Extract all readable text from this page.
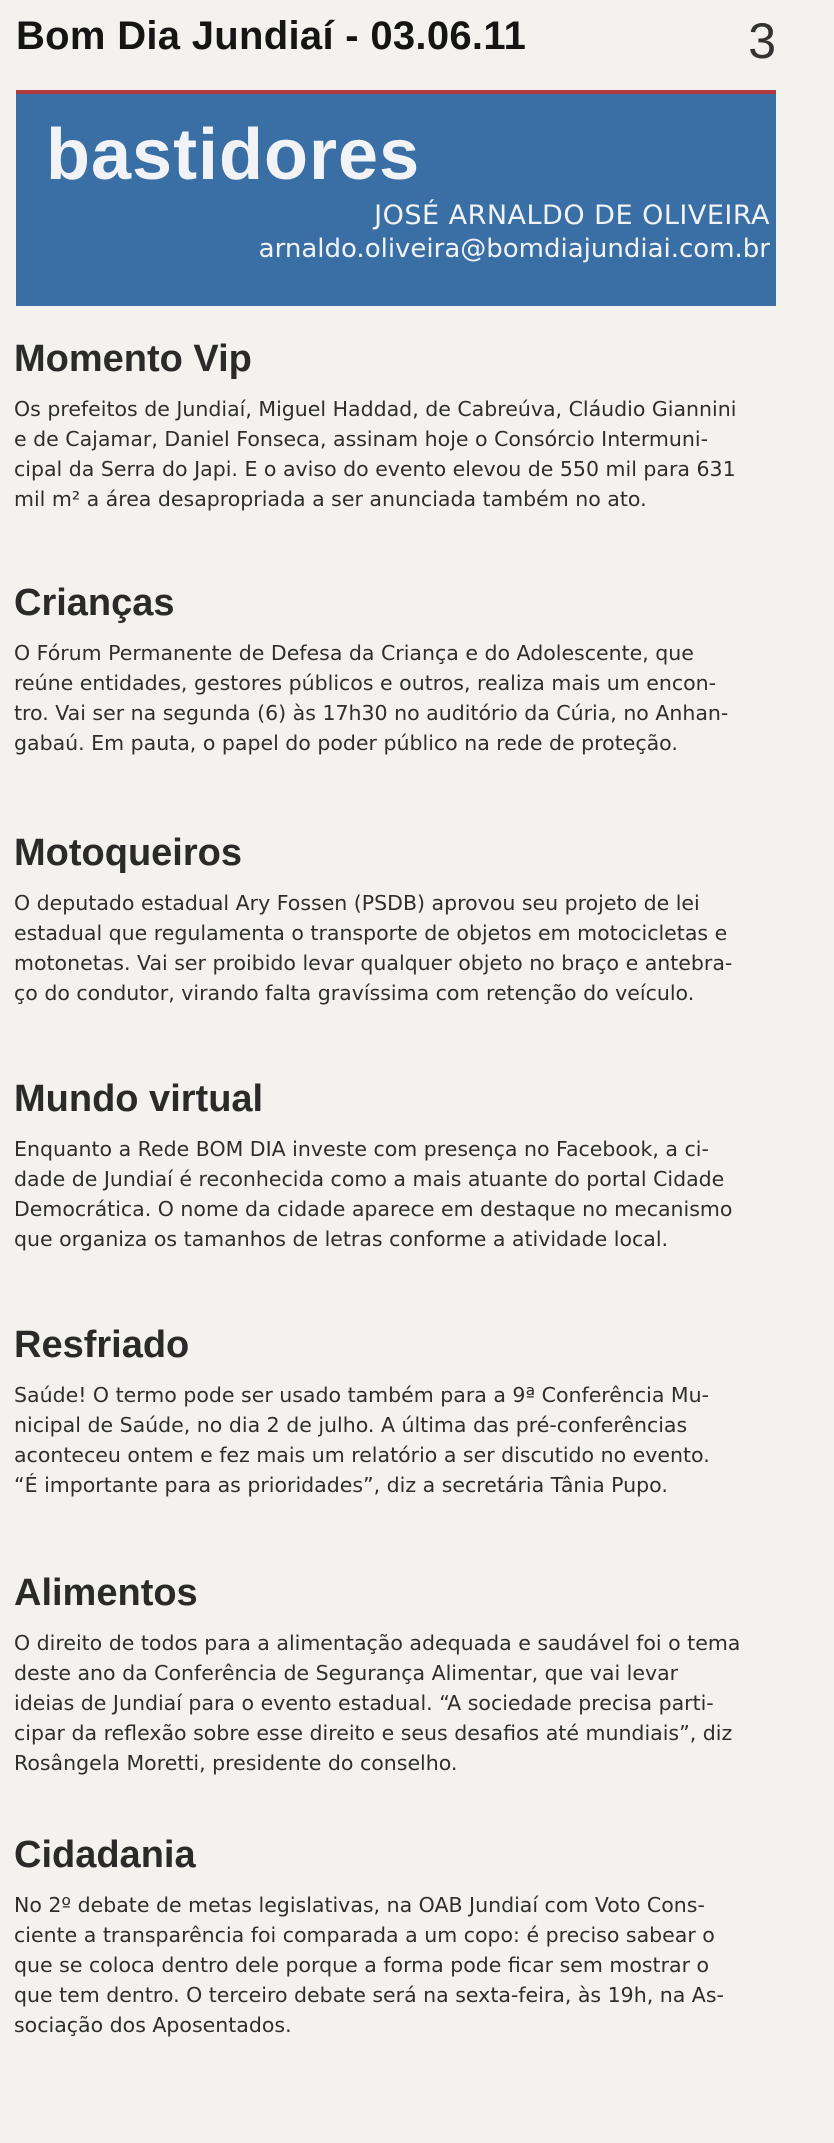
Bom Dia Jundiaí - 03.06.11	3
bastidores
JOSÉ ARNALDO DE OLIVEIRA
arnaldo.oliveira@bomdiajundiai.com.br
Momento Vip

Os prefeitos de Jundiaí, Miguel Haddad, de Cabreúva, Cláudio Giannini
e de Cajamar, Daniel Fonseca, assinam hoje o Consórcio Intermuni-
cipal da Serra do Japi. E o aviso do evento elevou de 550 mil para 631
mil m² a área desapropriada a ser anunciada também no ato.

Crianças

O Fórum Permanente de Defesa da Criança e do Adolescente, que
reúne entidades, gestores públicos e outros, realiza mais um encon-
tro. Vai ser na segunda (6) às 17h30 no auditório da Cúria, no Anhan-
gabaú. Em pauta, o papel do poder público na rede de proteção.

Motoqueiros

O deputado estadual Ary Fossen (PSDB) aprovou seu projeto de lei
estadual que regulamenta o transporte de objetos em motocicletas e
motonetas. Vai ser proibido levar qualquer objeto no braço e antebra-
ço do condutor, virando falta gravíssima com retenção do veículo.

Mundo virtual

Enquanto a Rede BOM DIA investe com presença no Facebook, a ci-
dade de Jundiaí é reconhecida como a mais atuante do portal Cidade
Democrática. O nome da cidade aparece em destaque no mecanismo
que organiza os tamanhos de letras conforme a atividade local.

Resfriado

Saúde! O termo pode ser usado também para a 9ª Conferência Mu-
nicipal de Saúde, no dia 2 de julho. A última das pré-conferências
aconteceu ontem e fez mais um relatório a ser discutido no evento.
“É importante para as prioridades”, diz a secretária Tânia Pupo.

Alimentos

O direito de todos para a alimentação adequada e saudável foi o tema
deste ano da Conferência de Segurança Alimentar, que vai levar
ideias de Jundiaí para o evento estadual. “A sociedade precisa parti-
cipar da reflexão sobre esse direito e seus desafios até mundiais”, diz
Rosângela Moretti, presidente do conselho.

Cidadania

No 2º debate de metas legislativas, na OAB Jundiaí com Voto Cons-
ciente a transparência foi comparada a um copo: é preciso sabear o
que se coloca dentro dele porque a forma pode ficar sem mostrar o
que tem dentro. O terceiro debate será na sexta-feira, às 19h, na As-
sociação dos Aposentados.
